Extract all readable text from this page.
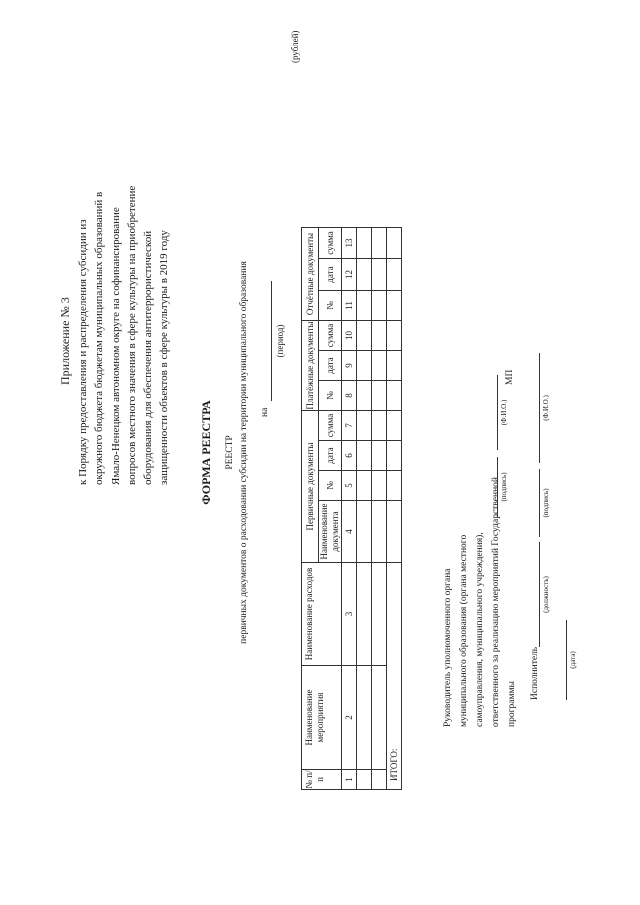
Приложение № 3 к Порядку предоставления и распределения субсидии из окружного бюджета бюджетам муниципальных образований в Ямало-Ненецком автономном округе на софинансирование вопросов местного значения в сфере культуры на приобретение оборудования для обеспечения антитеррористической защищенности объектов в сфере культуры в 2019 году ФОРМА РЕЕСТРА РЕЕСТР первичных документов о расходовании субсидии на территории муниципального образования на
(период)
(рублей)
№ п/п	Наименование мероприятия	Наименование расходов	Первичные документы				Платёжные документы			Отчётные документы		
			Наименование документа	№	дата	сумма	№	дата	сумма	№	дата	сумма
1	2	3	4	5	6	7	8	9	10	11	12	13

ИТОГО:												
Руководитель уполномоченного органа муниципального образования (органа местного самоуправления, муниципального учреждения), ответственного за реализацию мероприятий Государственной программы
(подпись)
(Ф.И.О.)
МП
Исполнитель
(должность)
(подпись)
(Ф.И.О.)
(дата)
